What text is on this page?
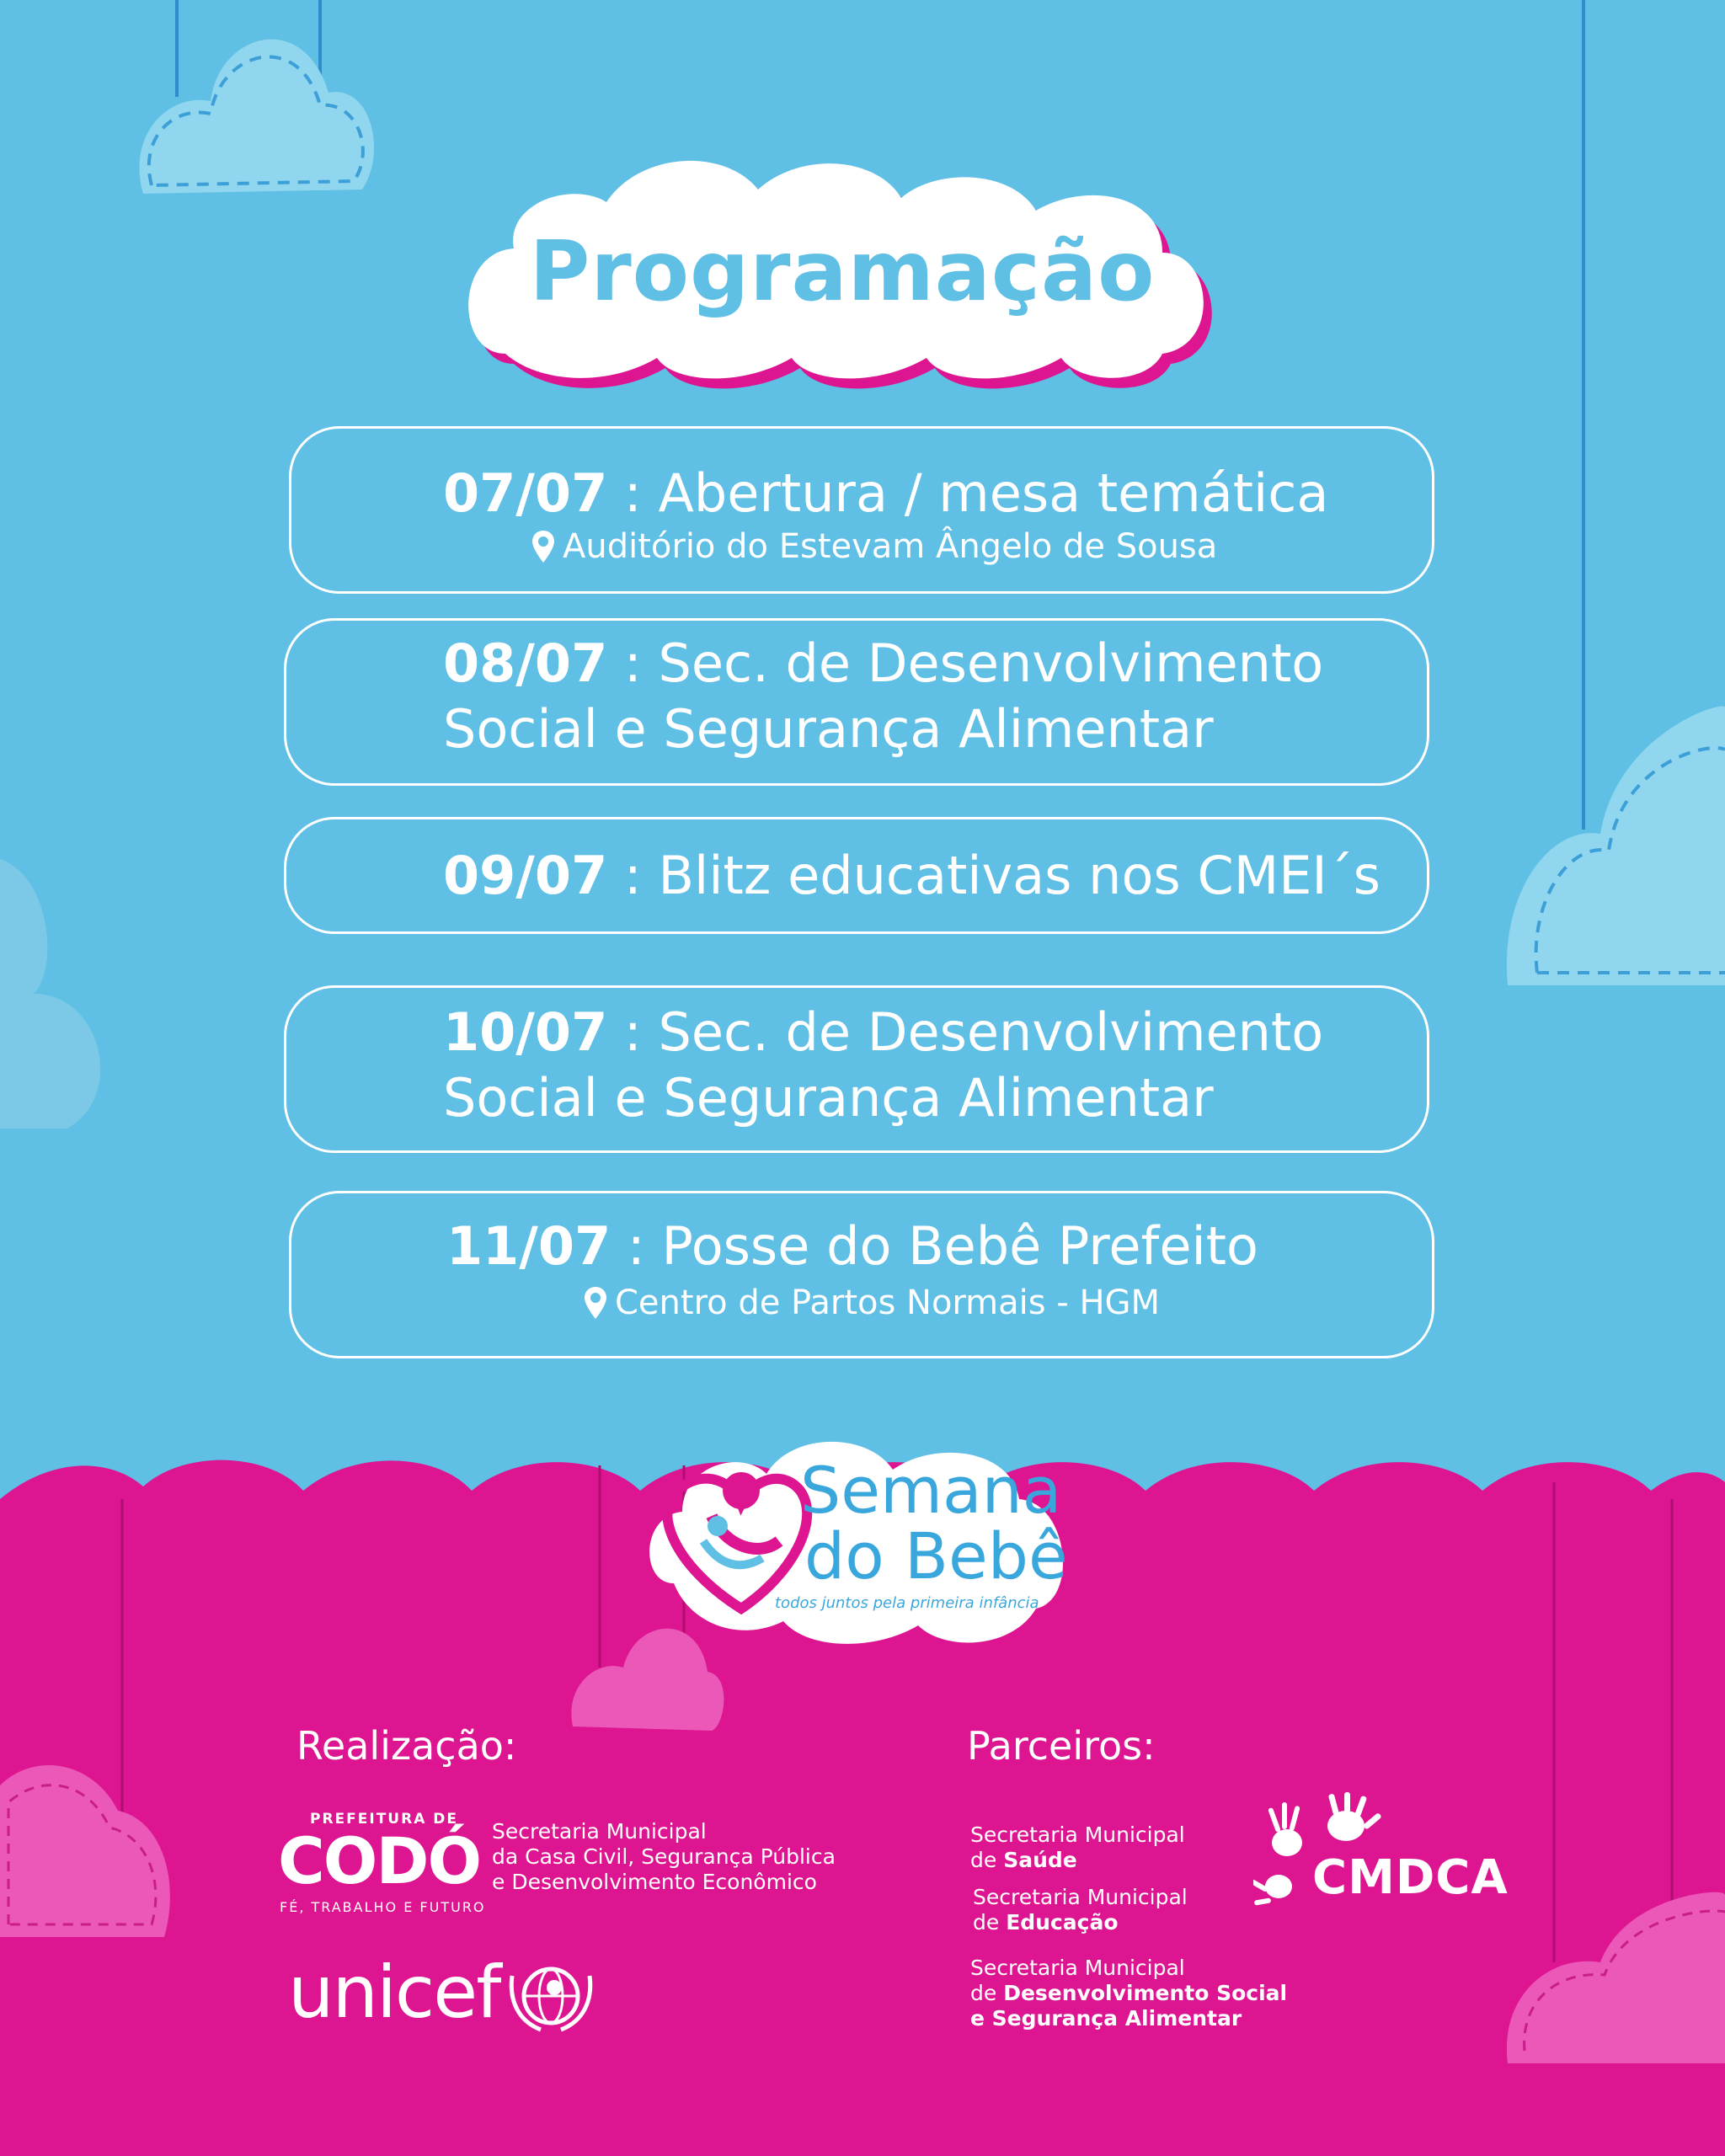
Programação
07/07 : Abertura / mesa temática
Auditório do Estevam Ângelo de Sousa
08/07 : Sec. de Desenvolvimento
Social e Segurança Alimentar
09/07 : Blitz educativas nos CMEI´s
10/07 : Sec. de Desenvolvimento
Social e Segurança Alimentar
11/07 : Posse do Bebê Prefeito
Centro de Partos Normais - HGM
Semana
do Bebê
todos juntos pela primeira infância
Realização:
PREFEITURA DE
CODÓ
FÉ, TRABALHO E FUTURO
Secretaria Municipal
da Casa Civil, Segurança Pública
e Desenvolvimento Econômico
unicef
Parceiros:
Secretaria Municipal
de Saúde
Secretaria Municipal
de Educação
Secretaria Municipal
de Desenvolvimento Social
e Segurança Alimentar
CMDCA
